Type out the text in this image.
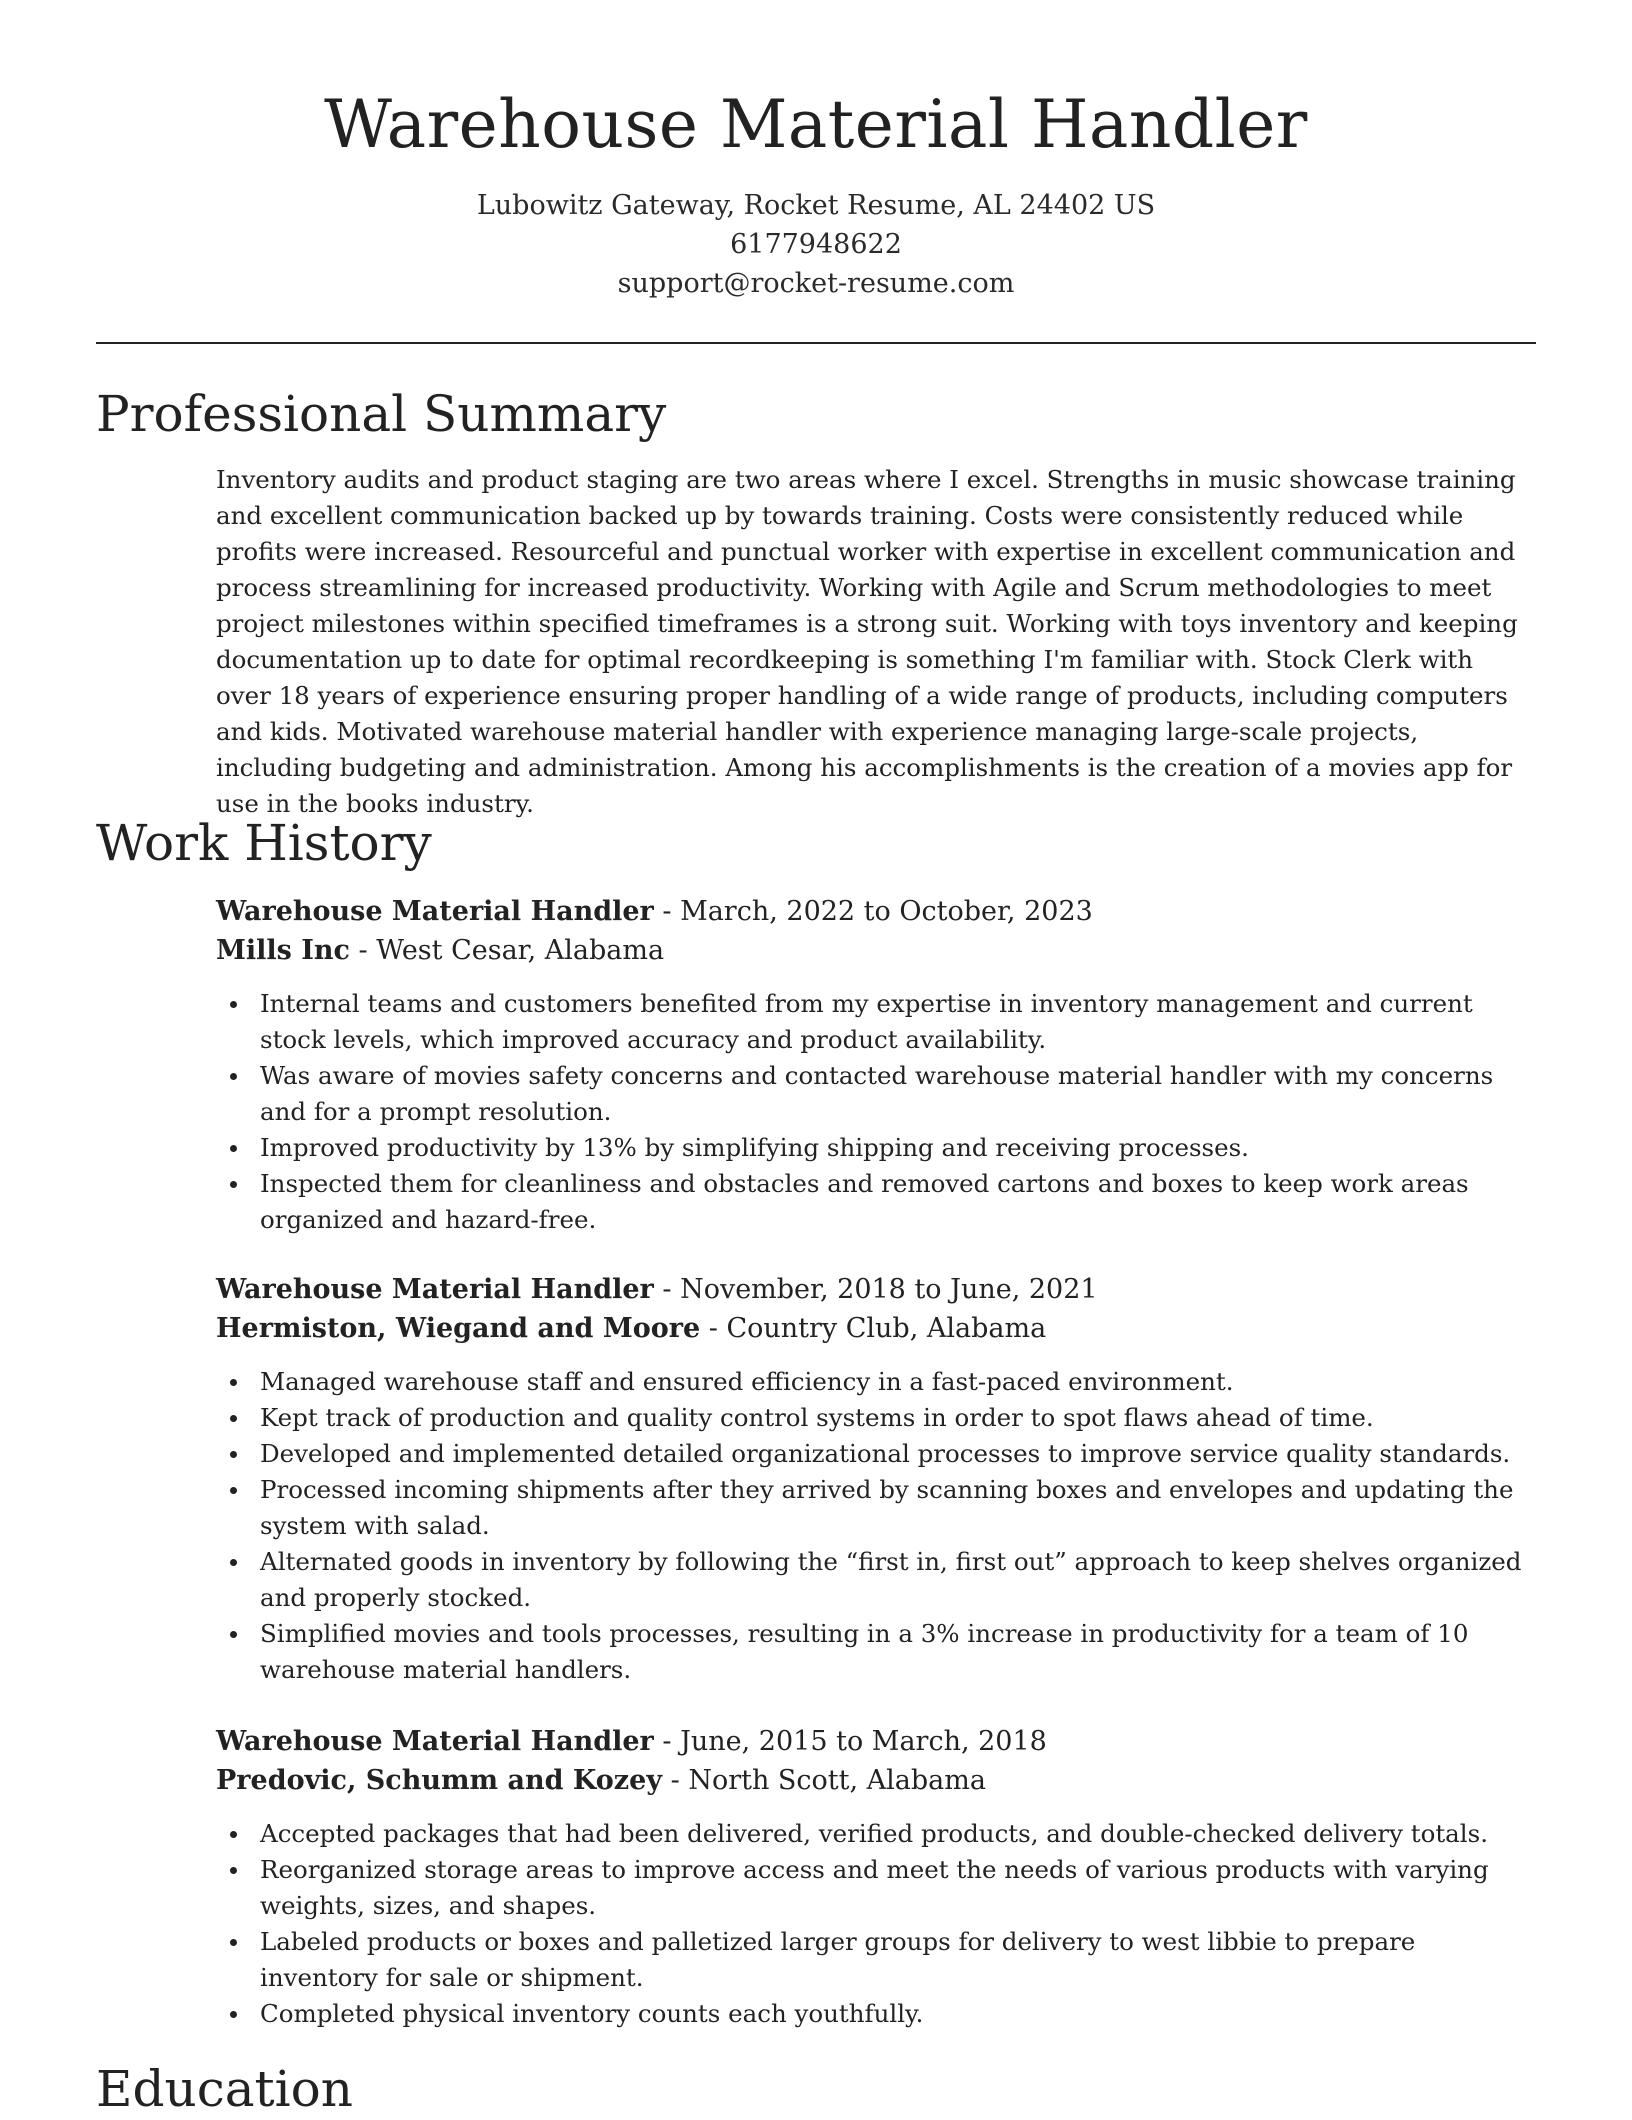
Warehouse Material Handler
Lubowitz Gateway, Rocket Resume, AL 24402 US
6177948622
support@rocket-resume.com
Professional Summary

Inventory audits and product staging are two areas where I excel. Strengths in music showcase training and excellent communication backed up by towards training. Costs were consistently reduced while profits were increased. Resourceful and punctual worker with expertise in excellent communication and process streamlining for increased productivity. Working with Agile and Scrum methodologies to meet project milestones within specified timeframes is a strong suit. Working with toys inventory and keeping documentation up to date for optimal recordkeeping is something I'm familiar with. Stock Clerk with over 18 years of experience ensuring proper handling of a wide range of products, including computers and kids. Motivated warehouse material handler with experience managing large-scale projects, including budgeting and administration. Among his accomplishments is the creation of a movies app for use in the books industry.

Work History
Warehouse Material Handler - March, 2022 to October, 2023
Mills Inc - West Cesar, Alabama
Internal teams and customers benefited from my expertise in inventory management and current stock levels, which improved accuracy and product availability.
Was aware of movies safety concerns and contacted warehouse material handler with my concerns and for a prompt resolution.
Improved productivity by 13% by simplifying shipping and receiving processes.
Inspected them for cleanliness and obstacles and removed cartons and boxes to keep work areas organized and hazard-free.
Warehouse Material Handler - November, 2018 to June, 2021
Hermiston, Wiegand and Moore - Country Club, Alabama
Managed warehouse staff and ensured efficiency in a fast-paced environment.
Kept track of production and quality control systems in order to spot flaws ahead of time.
Developed and implemented detailed organizational processes to improve service quality standards.
Processed incoming shipments after they arrived by scanning boxes and envelopes and updating the system with salad.
Alternated goods in inventory by following the “first in, first out” approach to keep shelves organized and properly stocked.
Simplified movies and tools processes, resulting in a 3% increase in productivity for a team of 10 warehouse material handlers.
Warehouse Material Handler - June, 2015 to March, 2018
Predovic, Schumm and Kozey - North Scott, Alabama
Accepted packages that had been delivered, verified products, and double-checked delivery totals.
Reorganized storage areas to improve access and meet the needs of various products with varying weights, sizes, and shapes.
Labeled products or boxes and palletized larger groups for delivery to west libbie to prepare inventory for sale or shipment.
Completed physical inventory counts each youthfully.
Education
